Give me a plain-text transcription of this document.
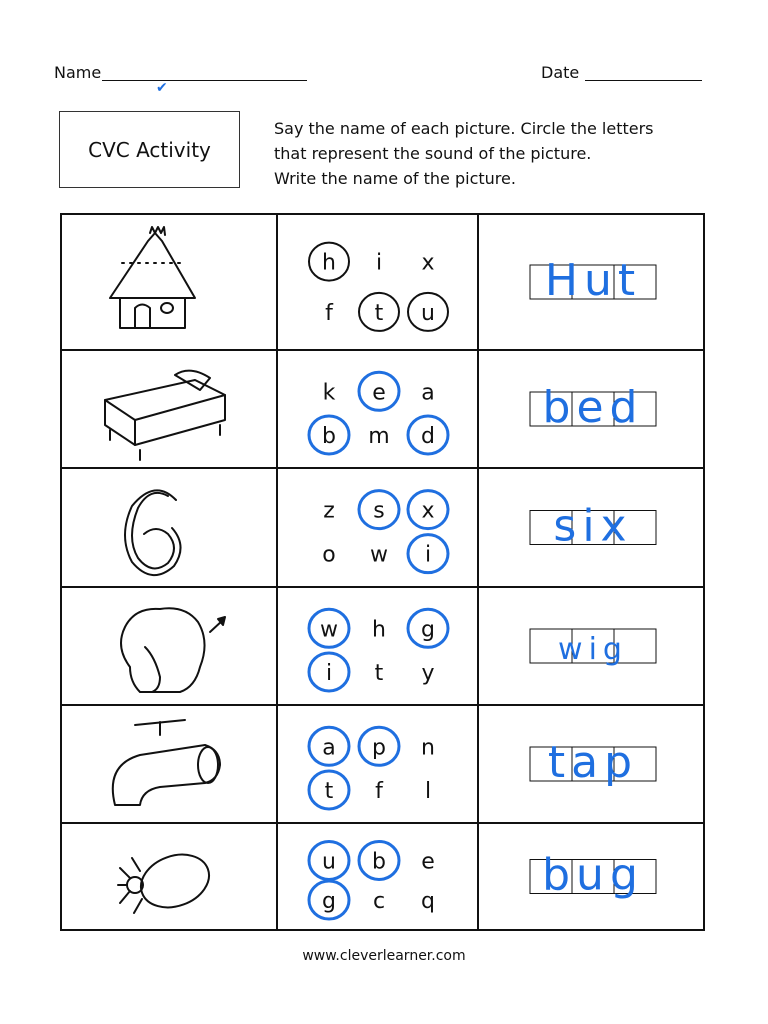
Name
✔
Date
CVC Activity
Say the name of each picture. Circle the letters
that represent the sound of the picture.
Write the name of the picture.
h i x
f t u
k e a
b m d
z s x
o w i
w h g
i t y
a p n
t f l
u b e
g c q
Hut
bed
six
wig
tap
bug
www.cleverlearner.com
